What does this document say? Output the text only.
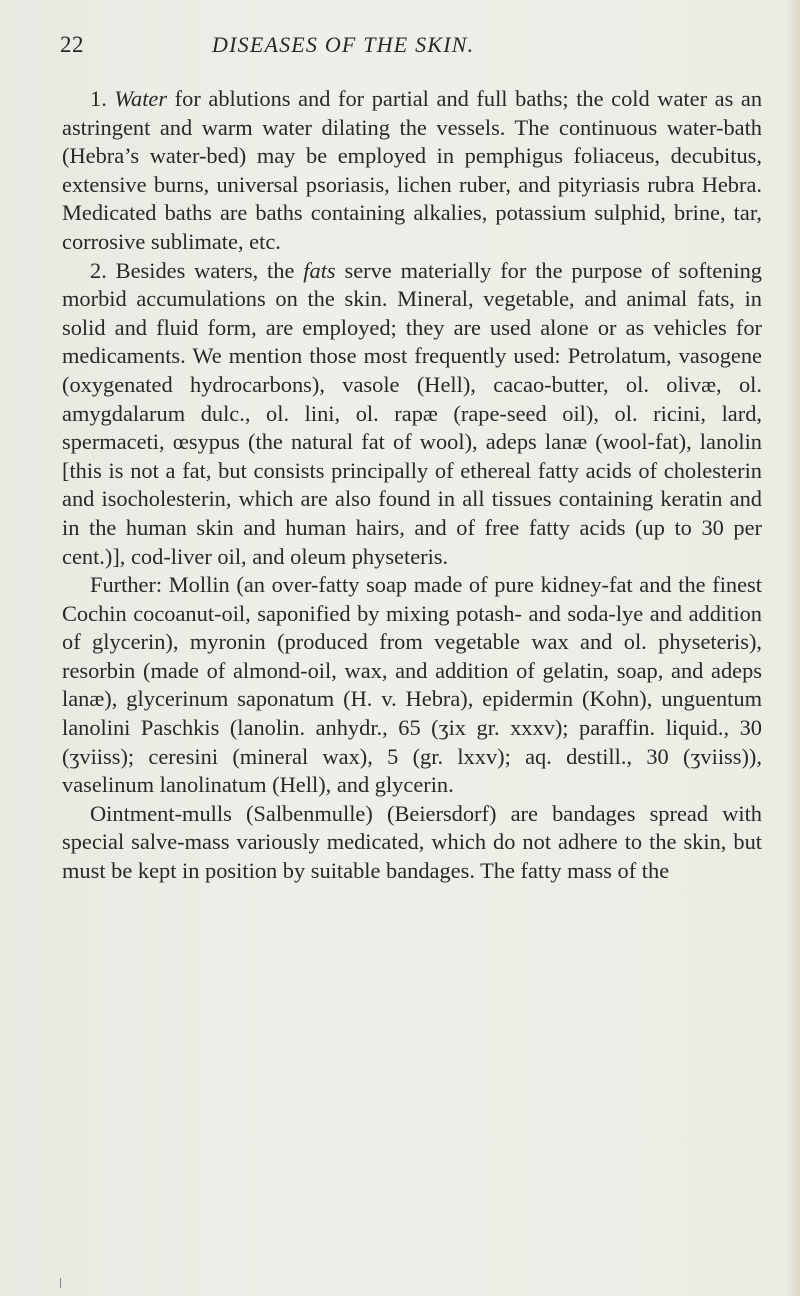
22	DISEASES OF THE SKIN.

1. Water for ablutions and for partial and full baths; the cold water as an astringent and warm water dilating the vessels. The continuous water-bath (Hebra’s water-bed) may be employed in pemphigus foliaceus, decubitus, extensive burns, universal psoriasis, lichen ruber, and pityriasis rubra Hebra. Medicated baths are baths containing alkalies, potassium sulphid, brine, tar, corrosive sublimate, etc.

2. Besides waters, the fats serve materially for the purpose of softening morbid accumulations on the skin. Mineral, vegetable, and animal fats, in solid and fluid form, are employed; they are used alone or as vehicles for medicaments. We mention those most frequently used: Petrolatum, vasogene (oxygenated hydrocarbons), vasole (Hell), cacao-butter, ol. olivæ, ol. amygdalarum dulc., ol. lini, ol. rapæ (rape-seed oil), ol. ricini, lard, spermaceti, œsypus (the natural fat of wool), adeps lanæ (wool-fat), lanolin [this is not a fat, but consists principally of ethereal fatty acids of cholesterin and isocholesterin, which are also found in all tissues containing keratin and in the human skin and human hairs, and of free fatty acids (up to 30 per cent.)], cod-liver oil, and oleum physeteris.

Further: Mollin (an over-fatty soap made of pure kidney-fat and the finest Cochin cocoanut-oil, saponified by mixing potash- and soda-lye and addition of glycerin), myronin (produced from vegetable wax and ol. physeteris), resorbin (made of almond-oil, wax, and addition of gelatin, soap, and adeps lanæ), glycerinum saponatum (H. v. Hebra), epidermin (Kohn), unguentum lanolini Paschkis (lanolin. anhydr., 65 (ʒix gr. xxxv); paraffin. liquid., 30 (ʒviiss); ceresini (mineral wax), 5 (gr. lxxv); aq. destill., 30 (ʒviiss)), vaselinum lanolinatum (Hell), and glycerin.

Ointment-mulls (Salbenmulle) (Beiersdorf) are bandages spread with special salve-mass variously medicated, which do not adhere to the skin, but must be kept in position by suitable bandages. The fatty mass of the
